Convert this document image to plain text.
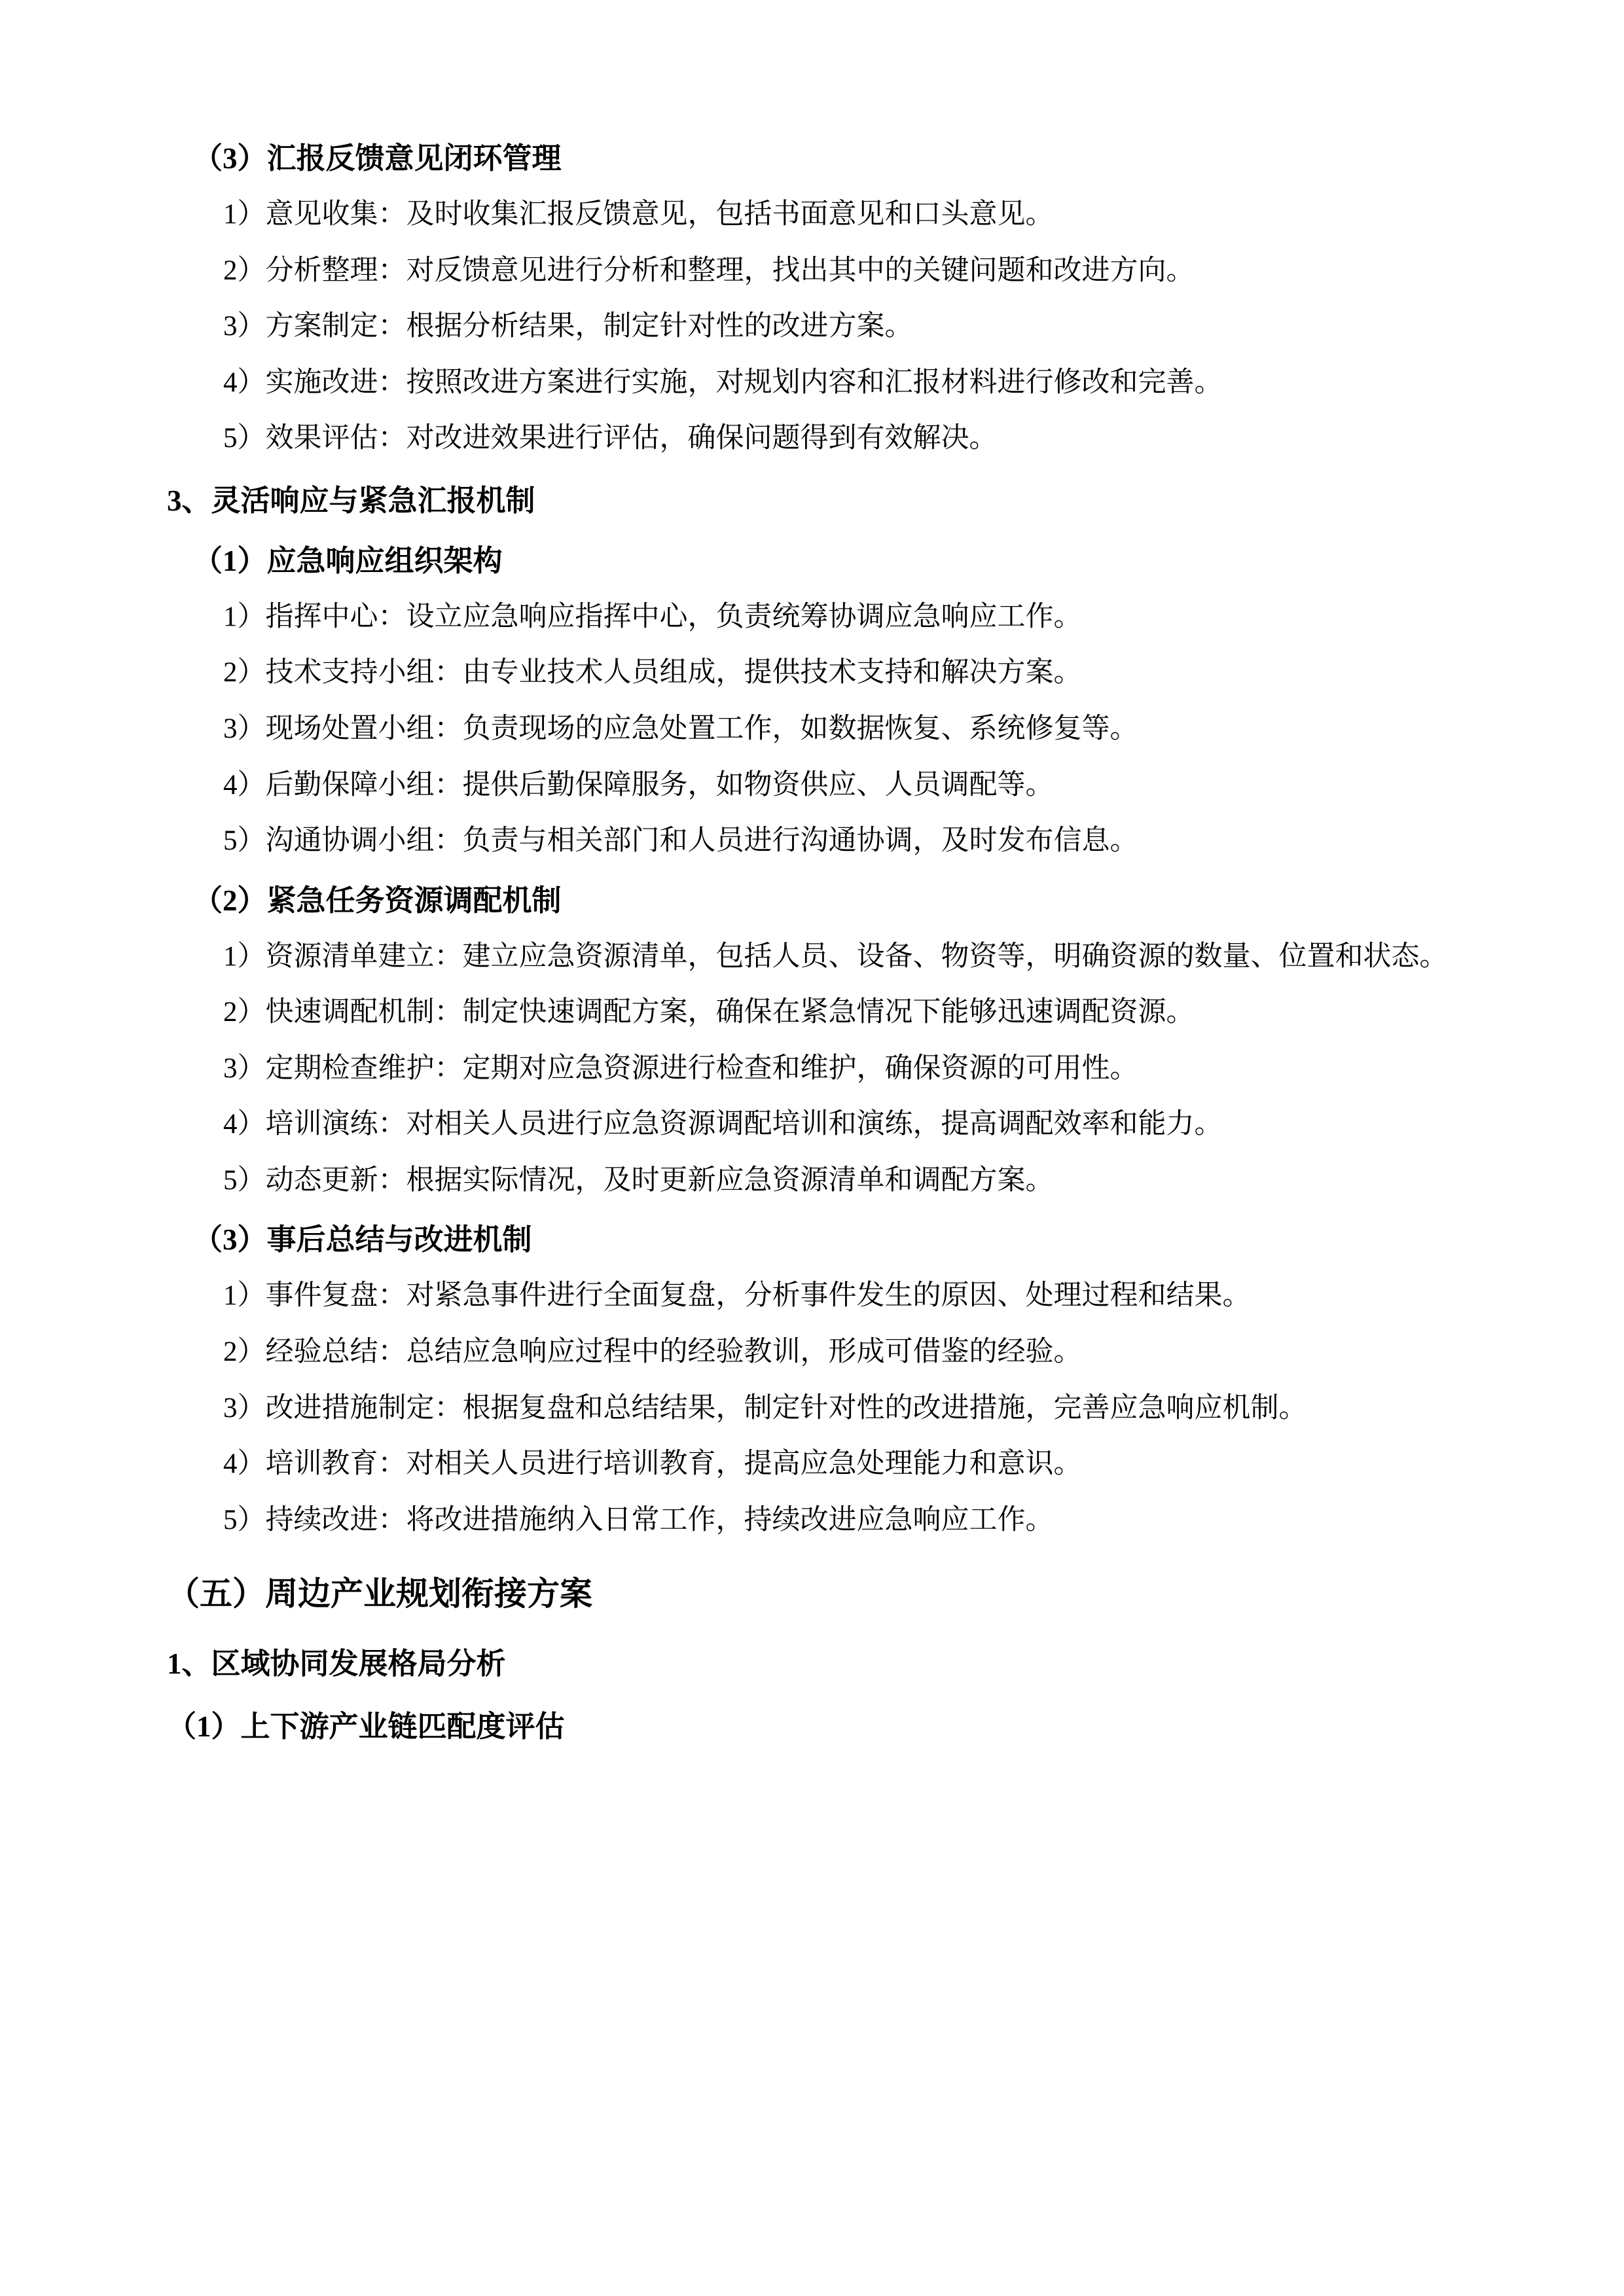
（3）汇报反馈意见闭环管理

1）意见收集：及时收集汇报反馈意见，包括书面意见和口头意见。

2）分析整理：对反馈意见进行分析和整理，找出其中的关键问题和改进方向。

3）方案制定：根据分析结果，制定针对性的改进方案。

4）实施改进：按照改进方案进行实施，对规划内容和汇报材料进行修改和完善。

5）效果评估：对改进效果进行评估，确保问题得到有效解决。

3、灵活响应与紧急汇报机制

（1）应急响应组织架构

1）指挥中心：设立应急响应指挥中心，负责统筹协调应急响应工作。

2）技术支持小组：由专业技术人员组成，提供技术支持和解决方案。

3）现场处置小组：负责现场的应急处置工作，如数据恢复、系统修复等。

4）后勤保障小组：提供后勤保障服务，如物资供应、人员调配等。

5）沟通协调小组：负责与相关部门和人员进行沟通协调，及时发布信息。

（2）紧急任务资源调配机制

1）资源清单建立：建立应急资源清单，包括人员、设备、物资等，明确资源的数量、位置和状态。

2）快速调配机制：制定快速调配方案，确保在紧急情况下能够迅速调配资源。

3）定期检查维护：定期对应急资源进行检查和维护，确保资源的可用性。

4）培训演练：对相关人员进行应急资源调配培训和演练，提高调配效率和能力。

5）动态更新：根据实际情况，及时更新应急资源清单和调配方案。

（3）事后总结与改进机制

1）事件复盘：对紧急事件进行全面复盘，分析事件发生的原因、处理过程和结果。

2）经验总结：总结应急响应过程中的经验教训，形成可借鉴的经验。

3）改进措施制定：根据复盘和总结结果，制定针对性的改进措施，完善应急响应机制。

4）培训教育：对相关人员进行培训教育，提高应急处理能力和意识。

5）持续改进：将改进措施纳入日常工作，持续改进应急响应工作。

（五）周边产业规划衔接方案

1、区域协同发展格局分析

（1）上下游产业链匹配度评估
